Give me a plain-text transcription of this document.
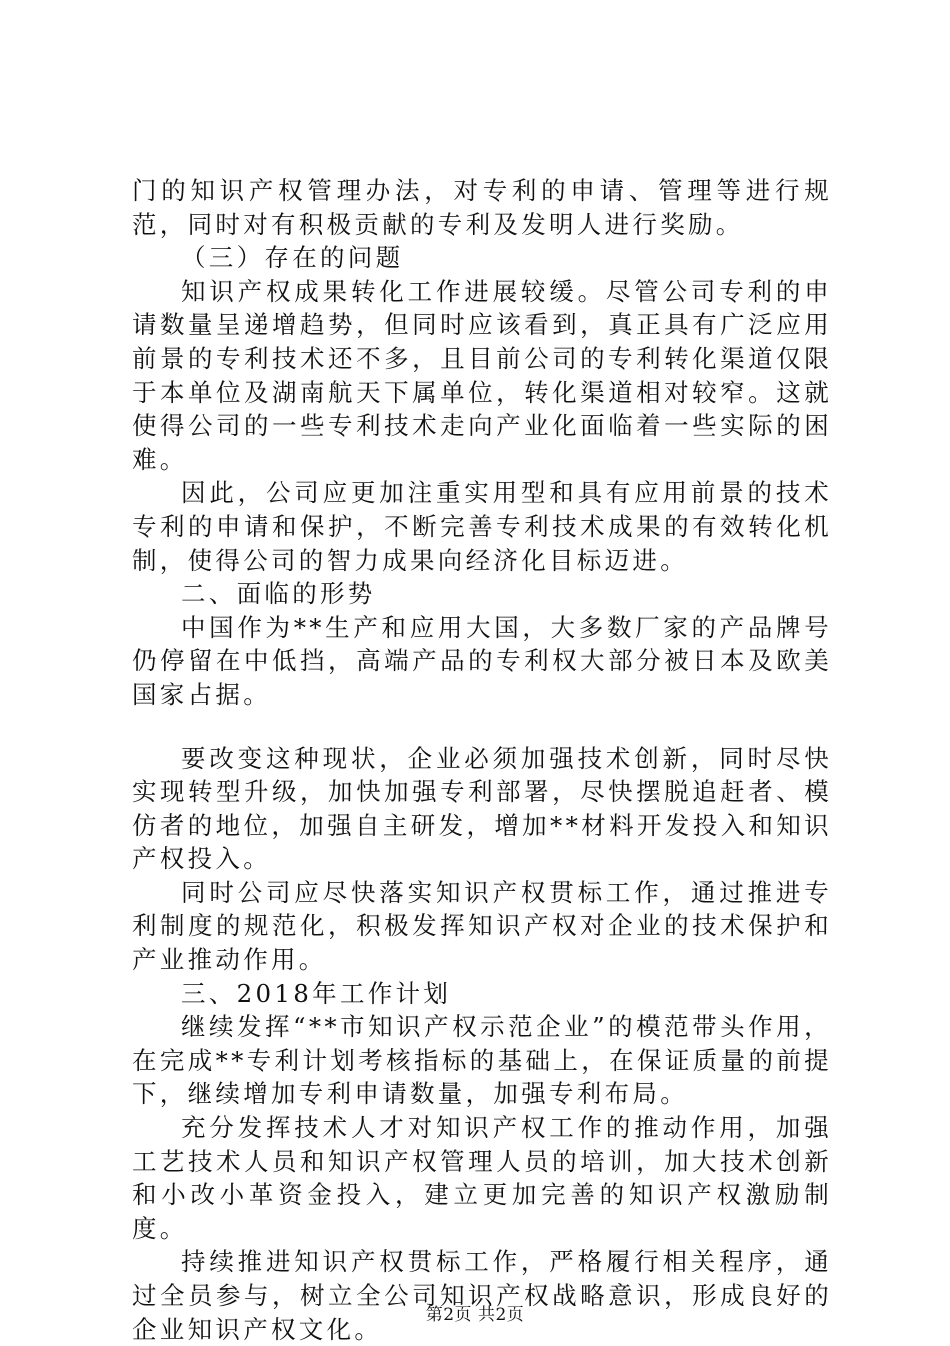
门的知识产权管理办法，对专利的申请、管理等进行规范，同时对有积极贡献的专利及发明人进行奖励。

（三）存在的问题

知识产权成果转化工作进展较缓。尽管公司专利的申请数量呈递增趋势，但同时应该看到，真正具有广泛应用前景的专利技术还不多，且目前公司的专利转化渠道仅限于本单位及湖南航天下属单位，转化渠道相对较窄。这就使得公司的一些专利技术走向产业化面临着一些实际的困难。

因此，公司应更加注重实用型和具有应用前景的技术专利的申请和保护，不断完善专利技术成果的有效转化机制，使得公司的智力成果向经济化目标迈进。

二、面临的形势

中国作为**生产和应用大国，大多数厂家的产品牌号仍停留在中低挡，高端产品的专利权大部分被日本及欧美国家占据。

要改变这种现状，企业必须加强技术创新，同时尽快实现转型升级，加快加强专利部署，尽快摆脱追赶者、模仿者的地位，加强自主研发，增加**材料开发投入和知识产权投入。

同时公司应尽快落实知识产权贯标工作，通过推进专利制度的规范化，积极发挥知识产权对企业的技术保护和产业推动作用。

三、2018年工作计划

继续发挥“**市知识产权示范企业”的模范带头作用，在完成**专利计划考核指标的基础上，在保证质量的前提下，继续增加专利申请数量，加强专利布局。

充分发挥技术人才对知识产权工作的推动作用，加强工艺技术人员和知识产权管理人员的培训，加大技术创新和小改小革资金投入，建立更加完善的知识产权激励制度。

持续推进知识产权贯标工作，严格履行相关程序，通过全员参与，树立全公司知识产权战略意识，形成良好的企业知识产权文化。	第2页 共2页
